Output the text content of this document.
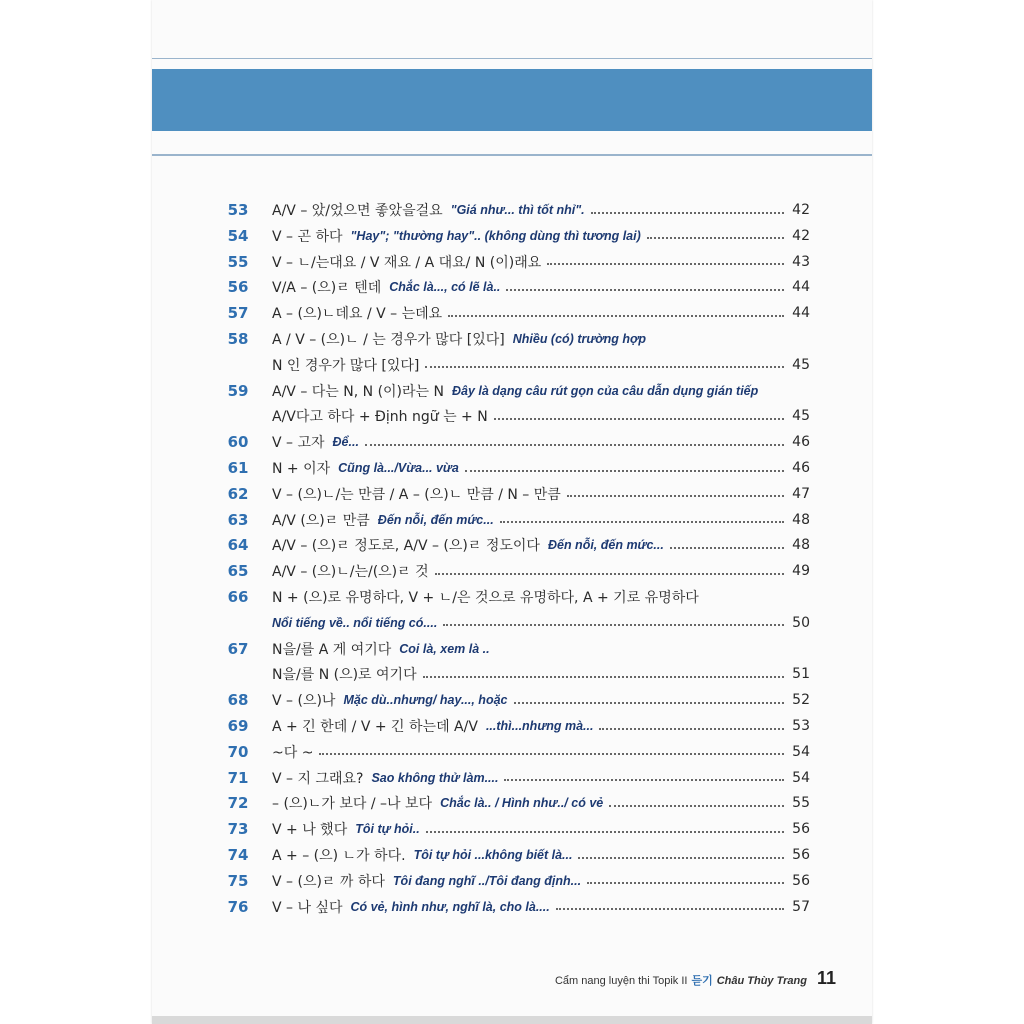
53	A/V – 았/었으면 좋았을걸요 "Giá như... thì tốt nhỉ".	42
54	V – 곤 하다 "Hay"; "thường hay".. (không dùng thì tương lai)	42
55	V – ㄴ/는대요 / V 재요 / A 대요/ N (이)래요	43
56	V/A – (으)ㄹ 텐데 Chắc là..., có lẽ là..	44
57	A – (으)ㄴ데요 / V – 는데요	44
58	A / V – (으)ㄴ / 는 경우가 많다 [있다] Nhiều (có) trường hợp
N 인 경우가 많다 [있다]	45
59	A/V – 다는 N, N (이)라는 N Đây là dạng câu rút gọn của câu dẫn dụng gián tiếp
A/V다고 하다 + Định ngữ 는 + N	45
60	V – 고자 Để...	46
61	N + 이자 Cũng là.../Vừa... vừa	46
62	V – (으)ㄴ/는 만큼 / A – (으)ㄴ 만큼 / N – 만큼	47
63	A/V (으)ㄹ 만큼 Đến nỗi, đến mức...	48
64	A/V – (으)ㄹ 정도로, A/V – (으)ㄹ 정도이다 Đến nỗi, đến mức...	48
65	A/V – (으)ㄴ/는/(으)ㄹ 것	49
66	N + (으)로 유명하다, V + ㄴ/은 것으로 유명하다, A + 기로 유명하다
Nổi tiếng về.. nổi tiếng có....	50
67	N을/를 A 게 여기다 Coi là, xem là ..
N을/를 N (으)로 여기다	51
68	V – (으)나 Mặc dù..nhưng/ hay..., hoặc	52
69	A + 긴 한데 / V + 긴 하는데 A/V ...thì...nhưng mà...	53
70	~다 ~	54
71	V – 지 그래요? Sao không thử làm....	54
72	– (으)ㄴ가 보다 / –나 보다 Chắc là.. / Hình như../ có vẻ	55
73	V + 나 했다 Tôi tự hỏi..	56
74	A + – (으) ㄴ가 하다. Tôi tự hỏi ...không biết là...	56
75	V – (으)ㄹ 까 하다 Tôi đang nghĩ ../Tôi đang định...	56
76	V – 나 싶다 Có vẻ, hình như, nghĩ là, cho là....	57
Cẩm nang luyện thi Topik II 듣기 Châu Thùy Trang 11
